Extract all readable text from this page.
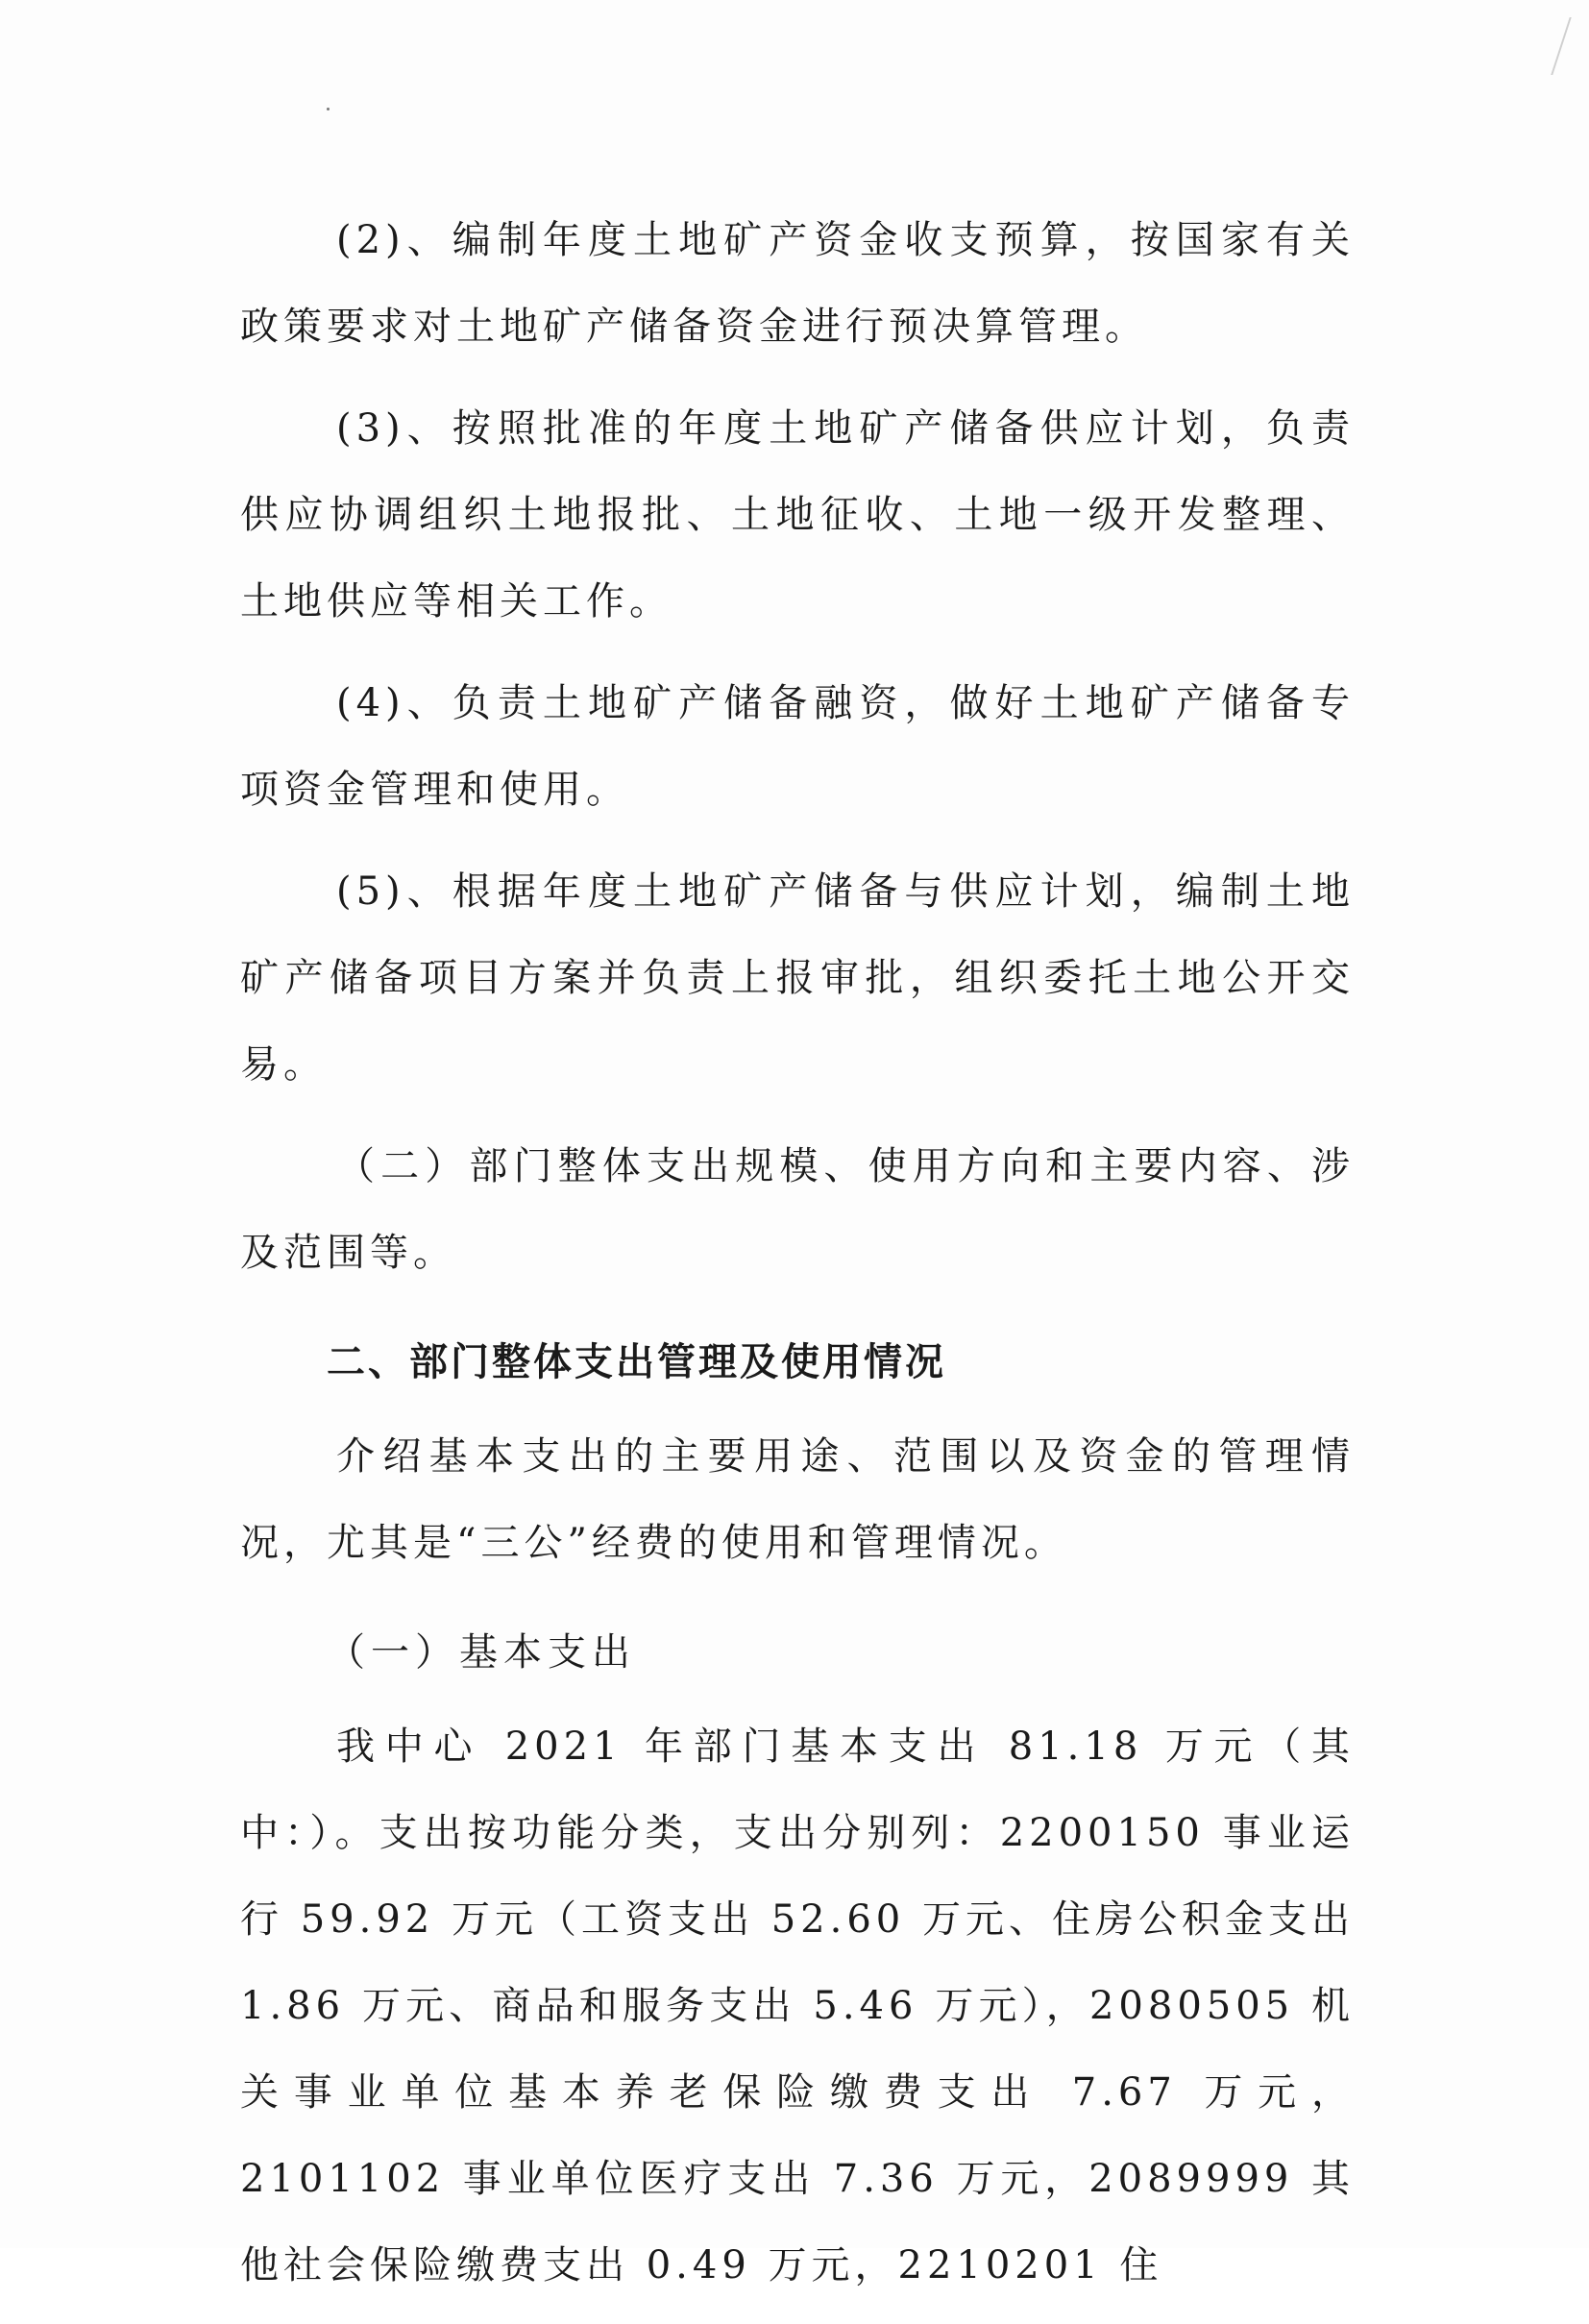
(2)、编制年度土地矿产资金收支预算，按国家有关政策要求对土地矿产储备资金进行预决算管理。

(3)、按照批准的年度土地矿产储备供应计划，负责供应协调组织土地报批、土地征收、土地一级开发整理、土地供应等相关工作。

(4)、负责土地矿产储备融资，做好土地矿产储备专项资金管理和使用。

(5)、根据年度土地矿产储备与供应计划，编制土地矿产储备项目方案并负责上报审批，组织委托土地公开交易。

（二）部门整体支出规模、使用方向和主要内容、涉及范围等。

二、部门整体支出管理及使用情况

介绍基本支出的主要用途、范围以及资金的管理情况，尤其是“三公”经费的使用和管理情况。

（一）基本支出

我中心 2021 年部门基本支出 81.18 万元（其中：）。支出按功能分类，支出分别列：2200150 事业运行 59.92 万元（工资支出 52.60 万元、住房公积金支出 1.86 万元、商品和服务支出 5.46 万元），2080505 机关事业单位基本养老保险缴费支出 7.67 万元，2101102 事业单位医疗支出 7.36 万元，2089999 其他社会保险缴费支出 0.49 万元，2210201 住
